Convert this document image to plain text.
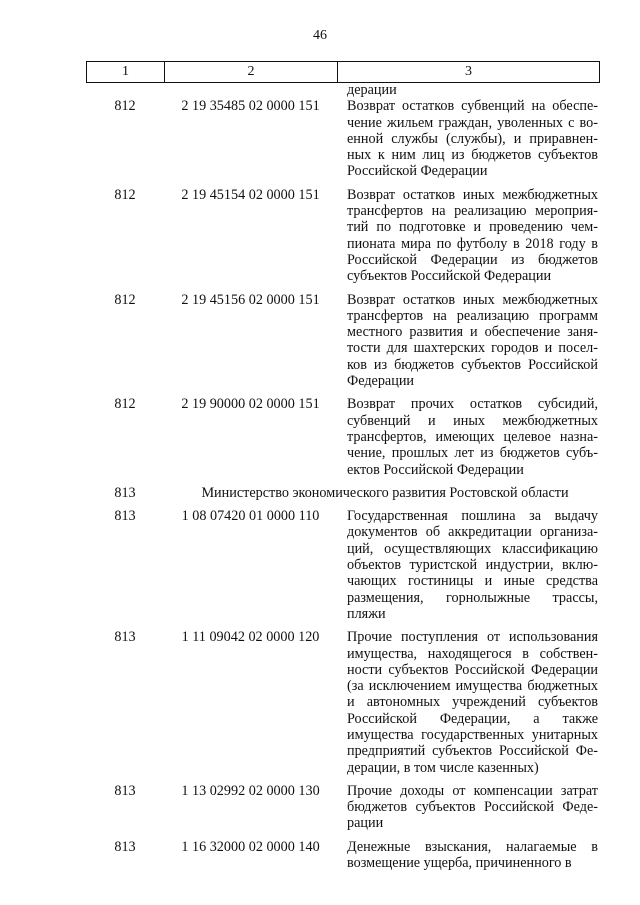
46
1	2	3
дерации
812	2 19 35485 02 0000 151	Возврат остатков субвенций на обеспечение жильем граждан, уволенных с военной службы (службы), и приравненных к ним лиц из бюджетов субъектов Российской Федерации
812	2 19 45154 02 0000 151	Возврат остатков иных межбюджетных трансфертов на реализацию мероприятий по подготовке и проведению чемпионата мира по футболу в 2018 году в Российской Федерации из бюджетов субъектов Российской Федерации
812	2 19 45156 02 0000 151	Возврат остатков иных межбюджетных трансфертов на реализацию программ местного развития и обеспечение занятости для шахтерских городов и поселков из бюджетов субъектов Российской Федерации
812	2 19 90000 02 0000 151	Возврат прочих остатков субсидий, субвенций и иных межбюджетных трансфертов, имеющих целевое назначение, прошлых лет из бюджетов субъектов Российской Федерации
813	Министерство экономического развития Ростовской области
813	1 08 07420 01 0000 110	Государственная пошлина за выдачу документов об аккредитации организаций, осуществляющих классификацию объектов туристской индустрии, включающих гостиницы и иные средства размещения, горнолыжные трассы, пляжи
813	1 11 09042 02 0000 120	Прочие поступления от использования имущества, находящегося в собственности субъектов Российской Федерации (за исключением имущества бюджетных и автономных учреждений субъектов Российской Федерации, а также имущества государственных унитарных предприятий субъектов Российской Федерации, в том числе казенных)
813	1 13 02992 02 0000 130	Прочие доходы от компенсации затрат бюджетов субъектов Российской Федерации
813	1 16 32000 02 0000 140	Денежные взыскания, налагаемые в возмещение ущерба, причиненного в
